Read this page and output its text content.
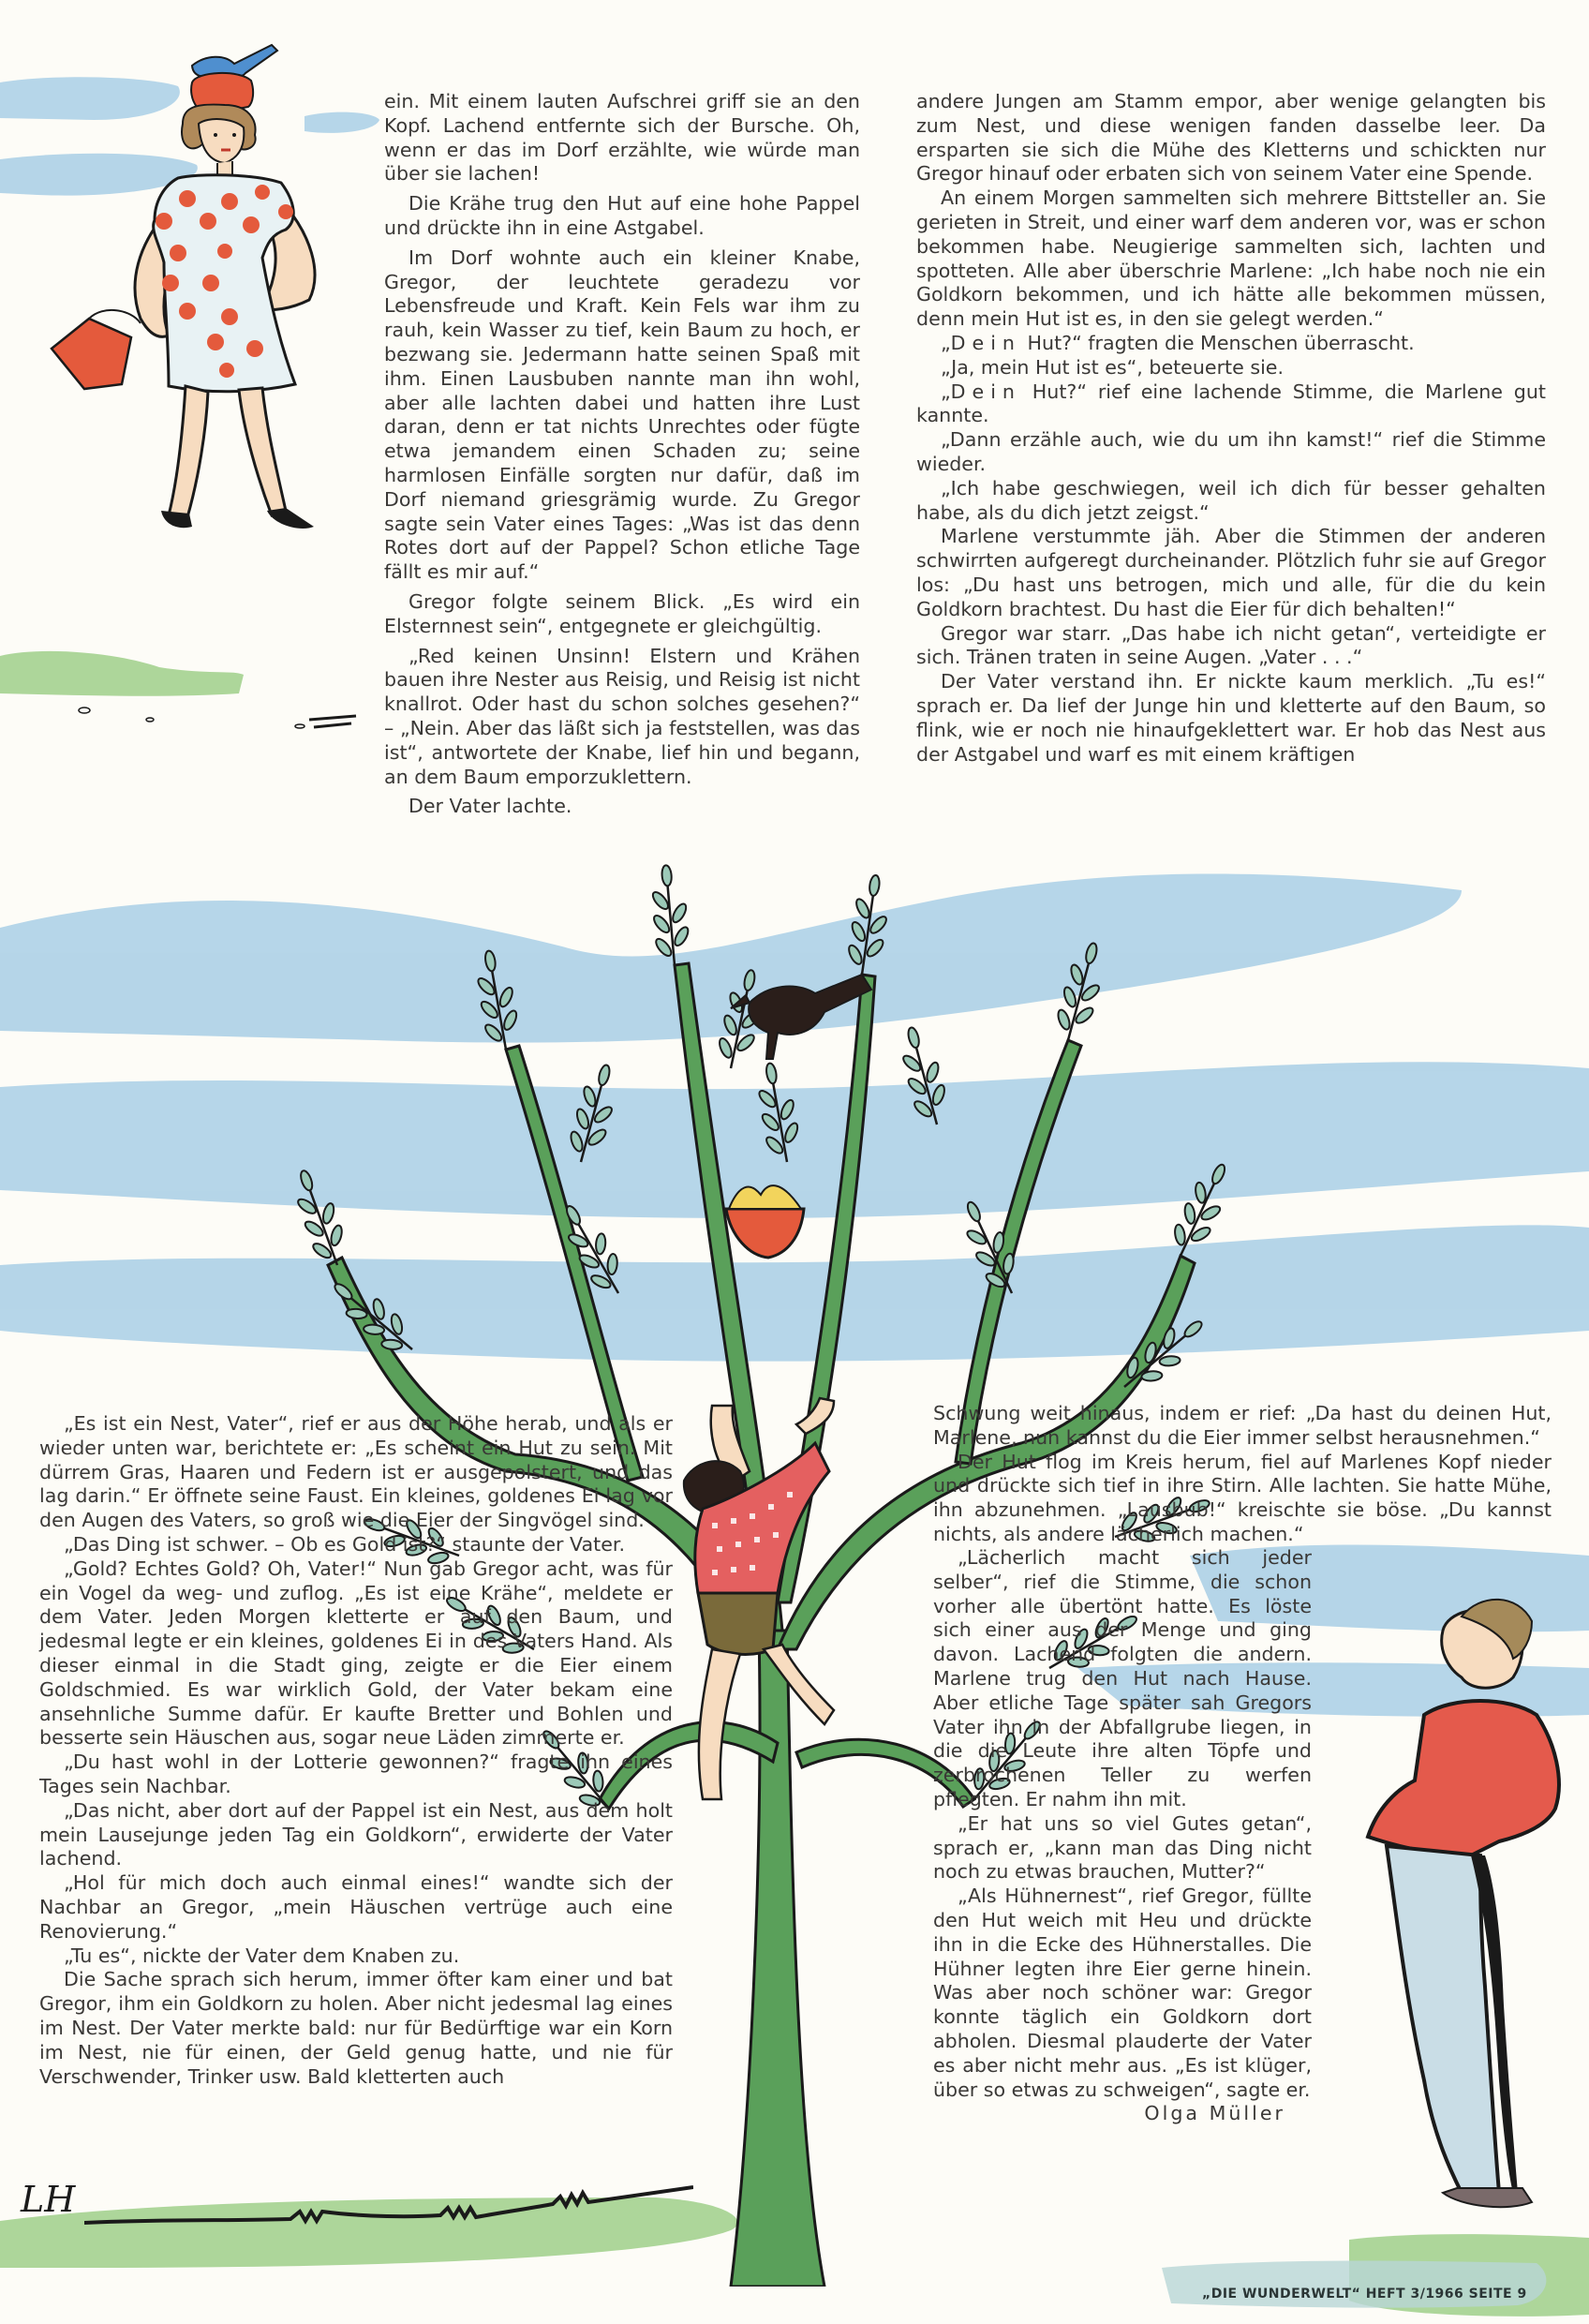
ein. Mit einem lauten Aufschrei griff sie an den Kopf. Lachend entfernte sich der Bursche. Oh, wenn er das im Dorf erzählte, wie würde man über sie lachen!

Die Krähe trug den Hut auf eine hohe Pappel und drückte ihn in eine Astgabel.

Im Dorf wohnte auch ein kleiner Knabe, Gregor, der leuchtete geradezu vor Lebensfreude und Kraft. Kein Fels war ihm zu rauh, kein Wasser zu tief, kein Baum zu hoch, er bezwang sie. Jedermann hatte seinen Spaß mit ihm. Einen Lausbuben nannte man ihn wohl, aber alle lachten dabei und hatten ihre Lust daran, denn er tat nichts Unrechtes oder fügte etwa jemandem einen Schaden zu; seine harmlosen Einfälle sorgten nur dafür, daß im Dorf niemand griesgrämig wurde. Zu Gregor sagte sein Vater eines Tages: „Was ist das denn Rotes dort auf der Pappel? Schon etliche Tage fällt es mir auf.“

Gregor folgte seinem Blick. „Es wird ein Elsternnest sein“, entgegnete er gleichgültig.

„Red keinen Unsinn! Elstern und Krähen bauen ihre Nester aus Reisig, und Reisig ist nicht knallrot. Oder hast du schon solches gesehen?“ – „Nein. Aber das läßt sich ja feststellen, was das ist“, antwortete der Knabe, lief hin und begann, an dem Baum emporzuklettern.

Der Vater lachte.

andere Jungen am Stamm empor, aber wenige gelangten bis zum Nest, und diese wenigen fanden dasselbe leer. Da ersparten sie sich die Mühe des Kletterns und schickten nur Gregor hinauf oder erbaten sich von seinem Vater eine Spende.

An einem Morgen sammelten sich mehrere Bittsteller an. Sie gerieten in Streit, und einer warf dem anderen vor, was er schon bekommen habe. Neugierige sammelten sich, lachten und spotteten. Alle aber überschrie Marlene: „Ich habe noch nie ein Goldkorn bekommen, und ich hätte alle bekommen müssen, denn mein Hut ist es, in den sie gelegt werden.“

„Dein Hut?“ fragten die Menschen überrascht.

„Ja, mein Hut ist es“, beteuerte sie.

„Dein Hut?“ rief eine lachende Stimme, die Marlene gut kannte.

„Dann erzähle auch, wie du um ihn kamst!“ rief die Stimme wieder.

„Ich habe geschwiegen, weil ich dich für besser gehalten habe, als du dich jetzt zeigst.“

Marlene verstummte jäh. Aber die Stimmen der anderen schwirrten aufgeregt durcheinander. Plötzlich fuhr sie auf Gregor los: „Du hast uns betrogen, mich und alle, für die du kein Goldkorn brachtest. Du hast die Eier für dich behalten!“

Gregor war starr. „Das habe ich nicht getan“, verteidigte er sich. Tränen traten in seine Augen. „Vater . . .“

Der Vater verstand ihn. Er nickte kaum merklich. „Tu es!“ sprach er. Da lief der Junge hin und kletterte auf den Baum, so flink, wie er noch nie hinaufgeklettert war. Er hob das Nest aus der Astgabel und warf es mit einem kräftigen

„Es ist ein Nest, Vater“, rief er aus der Höhe herab, und als er wieder unten war, berichtete er: „Es scheint ein Hut zu sein. Mit dürrem Gras, Haaren und Federn ist er ausgepolstert, und das lag darin.“ Er öffnete seine Faust. Ein kleines, goldenes Ei lag vor den Augen des Vaters, so groß wie die Eier der Singvögel sind.

„Das Ding ist schwer. – Ob es Gold ist?“ staunte der Vater.

„Gold? Echtes Gold? Oh, Vater!“ Nun gab Gregor acht, was für ein Vogel da weg- und zuflog. „Es ist eine Krähe“, meldete er dem Vater. Jeden Morgen kletterte er auf den Baum, und jedesmal legte er ein kleines, goldenes Ei in des Vaters Hand. Als dieser einmal in die Stadt ging, zeigte er die Eier einem Goldschmied. Es war wirklich Gold, der Vater bekam eine ansehnliche Summe dafür. Er kaufte Bretter und Bohlen und besserte sein Häuschen aus, sogar neue Läden zimmerte er.

„Du hast wohl in der Lotterie gewonnen?“ fragte ihn eines Tages sein Nachbar.

„Das nicht, aber dort auf der Pappel ist ein Nest, aus dem holt mein Lausejunge jeden Tag ein Goldkorn“, erwiderte der Vater lachend.

„Hol für mich doch auch einmal eines!“ wandte sich der Nachbar an Gregor, „mein Häuschen vertrüge auch eine Renovierung.“

„Tu es“, nickte der Vater dem Knaben zu.

Die Sache sprach sich herum, immer öfter kam einer und bat Gregor, ihm ein Goldkorn zu holen. Aber nicht jedesmal lag eines im Nest. Der Vater merkte bald: nur für Bedürftige war ein Korn im Nest, nie für einen, der Geld genug hatte, und nie für Verschwender, Trinker usw. Bald kletterten auch

Schwung weit hinaus, indem er rief: „Da hast du deinen Hut, Marlene, nun kannst du die Eier immer selbst herausnehmen.“

Der Hut flog im Kreis herum, fiel auf Marlenes Kopf nieder und drückte sich tief in ihre Stirn. Alle lachten. Sie hatte Mühe, ihn abzunehmen. „Lausbub!“ kreischte sie böse. „Du kannst nichts, als andere lächerlich machen.“

„Lächerlich macht sich jeder selber“, rief die Stimme, die schon vorher alle übertönt hatte. Es löste sich einer aus der Menge und ging davon. Lachend folgten die andern. Marlene trug den Hut nach Hause. Aber etliche Tage später sah Gregors Vater ihn in der Abfallgrube liegen, in die die Leute ihre alten Töpfe und zerbrochenen Teller zu werfen pflegten. Er nahm ihn mit.

„Er hat uns so viel Gutes getan“, sprach er, „kann man das Ding nicht noch zu etwas brauchen, Mutter?“

„Als Hühnernest“, rief Gregor, füllte den Hut weich mit Heu und drückte ihn in die Ecke des Hühnerstalles. Die Hühner legten ihre Eier gerne hinein. Was aber noch schöner war: Gregor konnte täglich ein Goldkorn dort abholen. Diesmal plauderte der Vater es aber nicht mehr aus. „Es ist klüger, über so etwas zu schweigen“, sagte er.

Olga Müller

LH
„DIE WUNDERWELT“ HEFT 3/1966 SEITE 9
